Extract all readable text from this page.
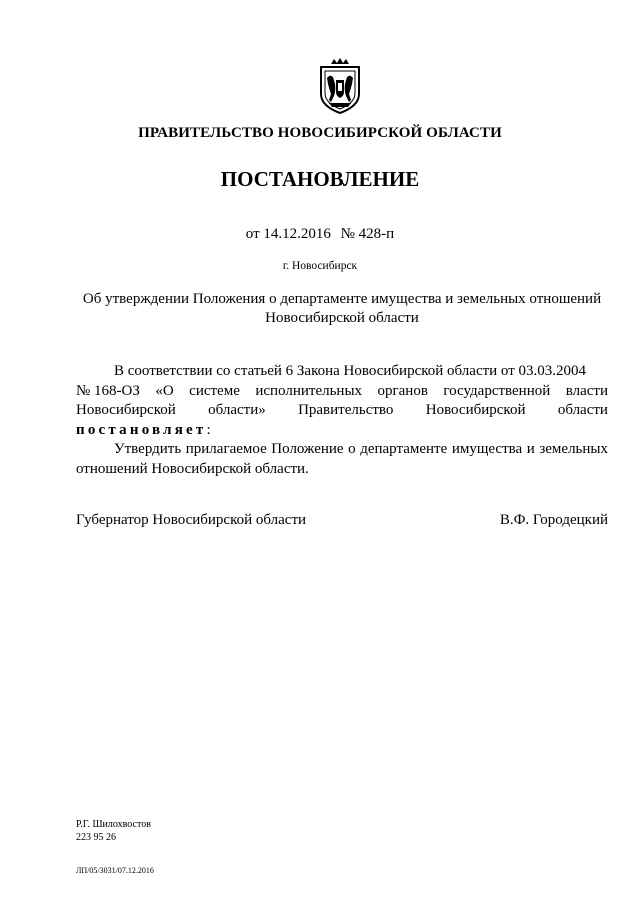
ПРАВИТЕЛЬСТВО НОВОСИБИРСКОЙ ОБЛАСТИ
ПОСТАНОВЛЕНИЕ
от 14.12.2016 № 428-п
г. Новосибирск
Об утверждении Положения о департаменте имущества и земельных отношений
Новосибирской области
В соответствии со статьей 6 Закона Новосибирской области от 03.03.2004
№ 168-ОЗ «О системе исполнительных органов государственной власти
Новосибирской области» Правительство Новосибирской области
постановляет:

Утвердить прилагаемое Положение о департаменте имущества и земельных отношений Новосибирской области.

Губернатор Новосибирской области	В.Ф. Городецкий
Р.Г. Шилохвостов
223 95 26
ЛП/05/3031/07.12.2016
